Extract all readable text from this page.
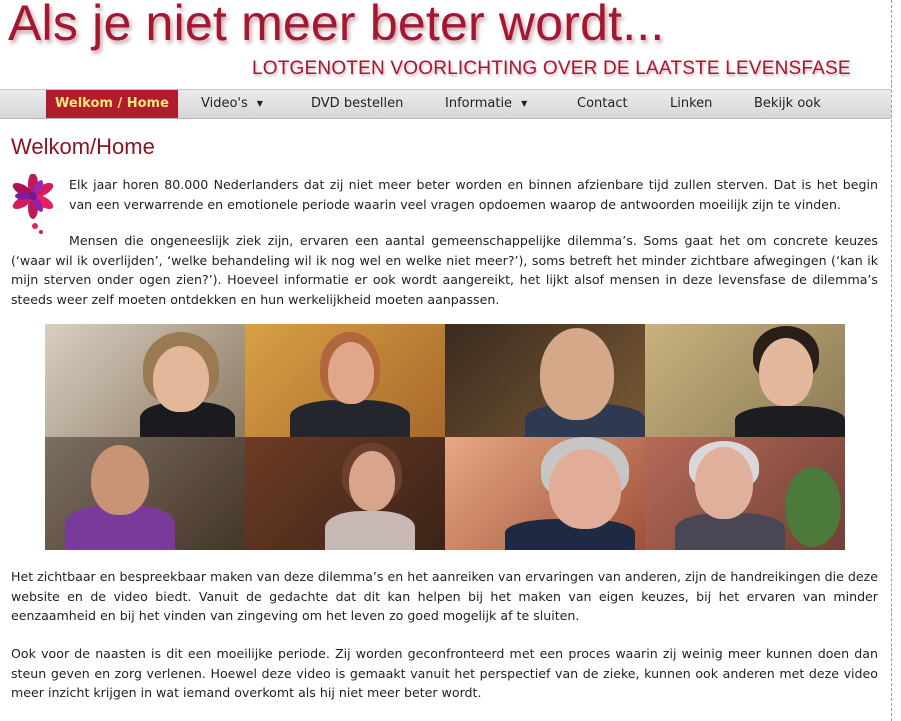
Als je niet meer beter wordt...
LOTGENOTEN VOORLICHTING OVER DE LAATSTE LEVENSFASE
Welkom / Home	Video's ▼	DVD bestellen	Informatie ▼	Contact	Linken	Bekijk ook
Welkom/Home

Elk jaar horen 80.000 Nederlanders dat zij niet meer beter worden en binnen afzienbare tijd zullen sterven. Dat is het begin van een verwarrende en emotionele periode waarin veel vragen opdoemen waarop de antwoorden moeilijk zijn te vinden.

Mensen die ongeneeslijk ziek zijn, ervaren een aantal gemeenschappelijke dilemma’s. Soms gaat het om concrete keuzes (‘waar wil ik overlijden’, ‘welke behandeling wil ik nog wel en welke niet meer?’), soms betreft het minder zichtbare afwegingen (‘kan ik mijn sterven onder ogen zien?’). Hoeveel informatie er ook wordt aangereikt, het lijkt alsof mensen in deze levensfase de dilemma’s steeds weer zelf moeten ontdekken en hun werkelijkheid moeten aanpassen.

Het zichtbaar en bespreekbaar maken van deze dilemma’s en het aanreiken van ervaringen van anderen, zijn de handreikingen die deze website en de video biedt. Vanuit de gedachte dat dit kan helpen bij het maken van eigen keuzes, bij het ervaren van minder eenzaamheid en bij het vinden van zingeving om het leven zo goed mogelijk af te sluiten.

Ook voor de naasten is dit een moeilijke periode. Zij worden geconfronteerd met een proces waarin zij weinig meer kunnen doen dan steun geven en zorg verlenen. Hoewel deze video is gemaakt vanuit het perspectief van de zieke, kunnen ook anderen met deze video meer inzicht krijgen in wat iemand overkomt als hij niet meer beter wordt.
